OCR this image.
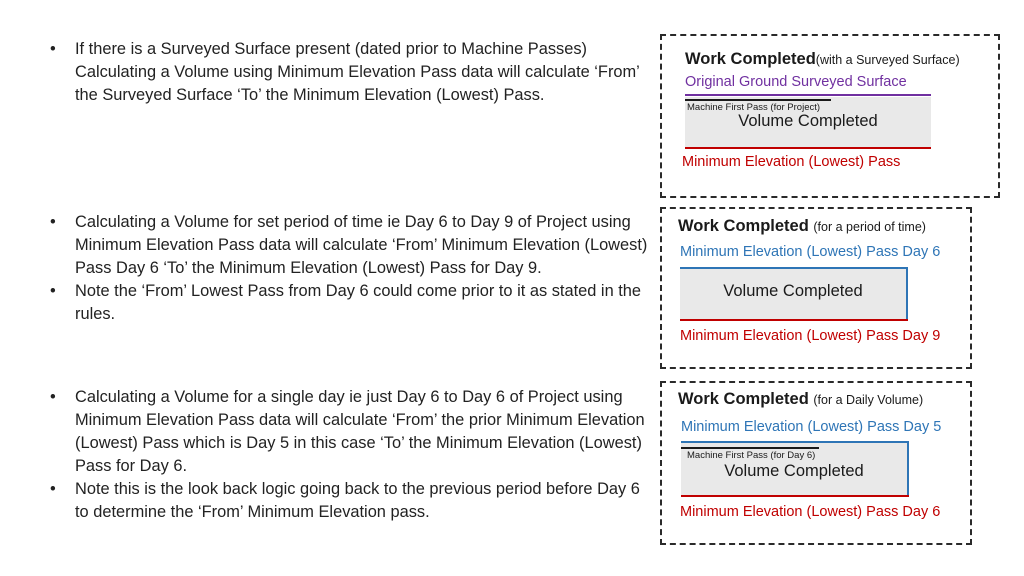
• If there is a Surveyed Surface present (dated prior to Machine Passes) Calculating a Volume using Minimum Elevation Pass data will calculate ‘From’ the Surveyed Surface ‘To’ the Minimum Elevation (Lowest) Pass.
• Calculating a Volume for set period of time ie Day 6 to Day 9 of Project using Minimum Elevation Pass data will calculate ‘From’ Minimum Elevation (Lowest) Pass Day 6 ‘To’ the Minimum Elevation (Lowest) Pass for Day 9.
• Note the ‘From’ Lowest Pass from Day 6 could come prior to it as stated in the rules.
• Calculating a Volume for a single day ie just Day 6 to Day 6 of Project using Minimum Elevation Pass data will calculate ‘From’ the prior Minimum Elevation (Lowest) Pass which is Day 5 in this case ‘To’ the Minimum Elevation (Lowest) Pass for Day 6.
• Note this is the look back logic going back to the previous period before Day 6 to determine the ‘From’ Minimum Elevation pass.
Work Completed(with a Surveyed Surface)
Original Ground Surveyed Surface
Volume Completed
Machine First Pass (for Project)
Minimum Elevation (Lowest) Pass
Work Completed (for a period of time)
Minimum Elevation (Lowest) Pass Day 6
Volume Completed
Minimum Elevation (Lowest) Pass Day 9
Work Completed (for a Daily Volume)
Minimum Elevation (Lowest) Pass Day 5
Volume Completed
Machine First Pass (for Day 6)
Minimum Elevation (Lowest) Pass Day 6
